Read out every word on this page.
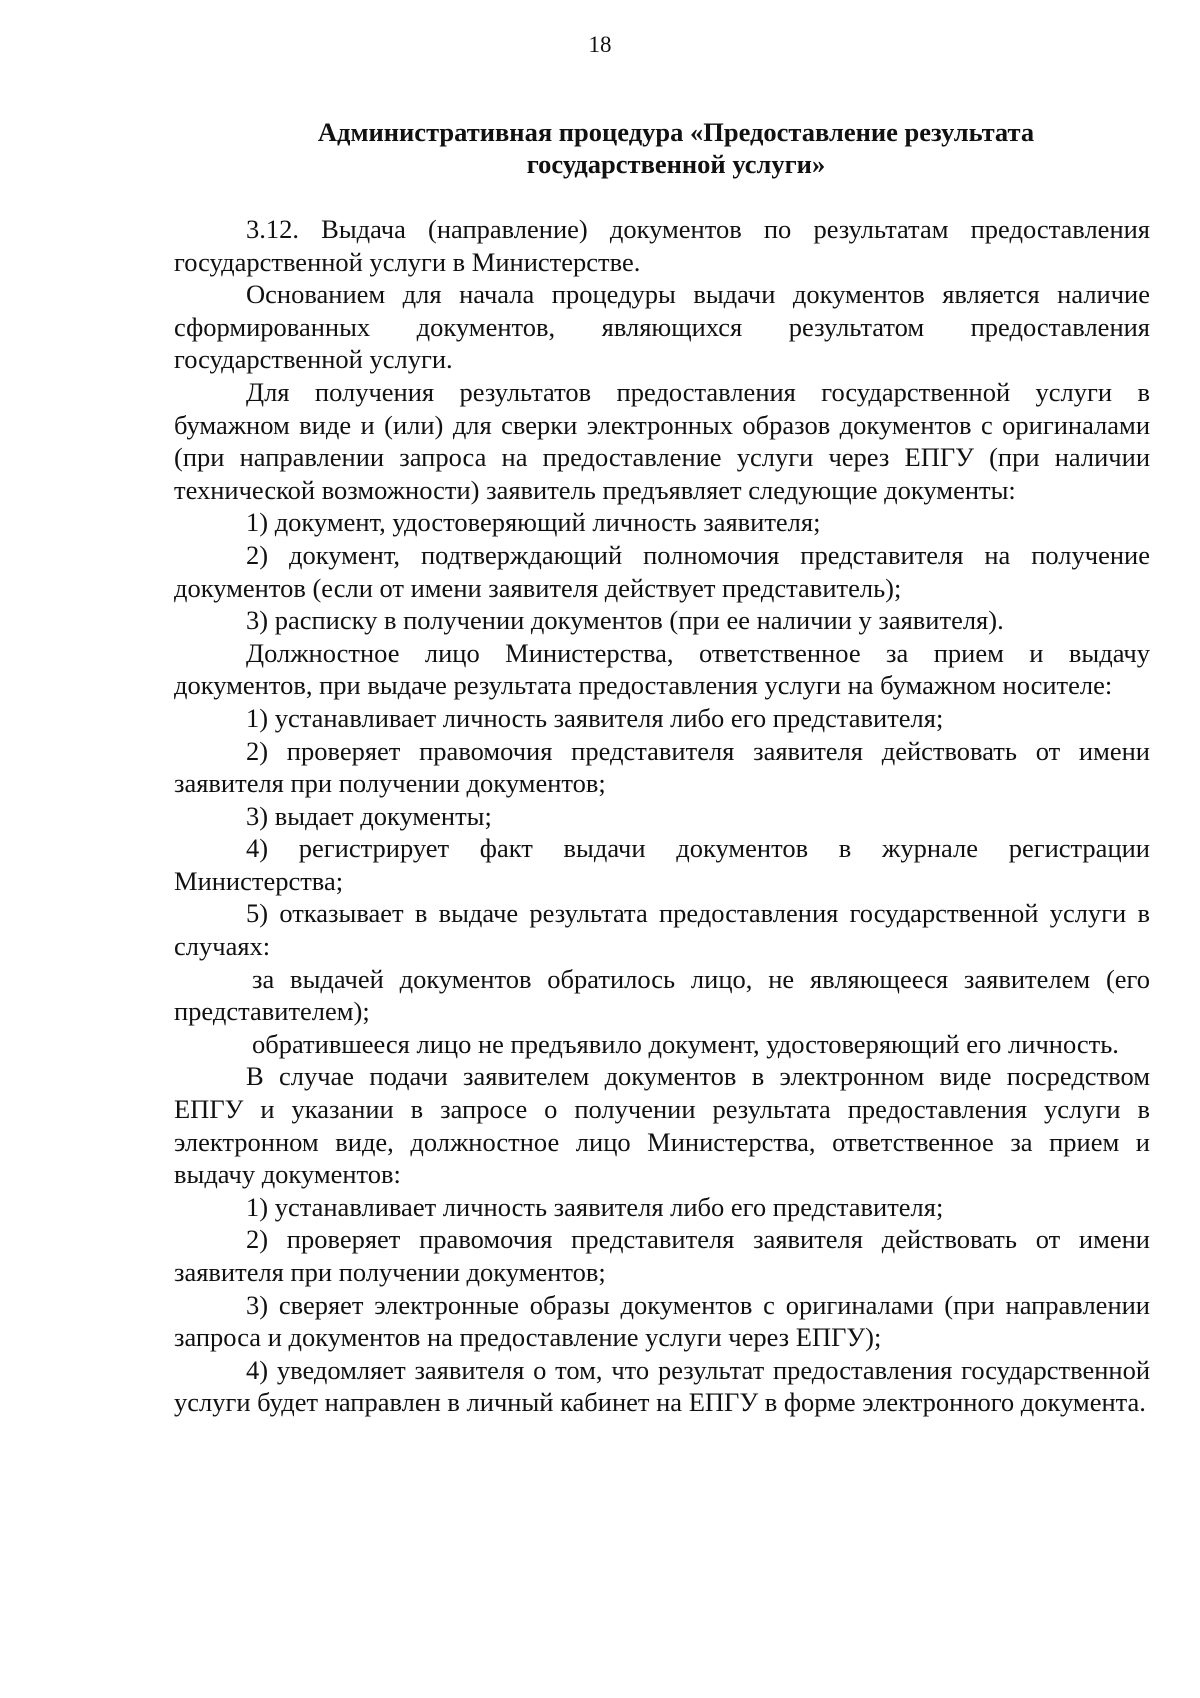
18
Административная процедура «Предоставление результата
государственной услуги»

3.12. Выдача (направление) документов по результатам предоставления государственной услуги в Министерстве.

Основанием для начала процедуры выдачи документов является наличие сформированных документов, являющихся результатом предоставления государственной услуги.

Для получения результатов предоставления государственной услуги в бумажном виде и (или) для сверки электронных образов документов с оригиналами (при направлении запроса на предоставление услуги через ЕПГУ (при наличии технической возможности) заявитель предъявляет следующие документы:

1) документ, удостоверяющий личность заявителя;

2) документ, подтверждающий полномочия представителя на получение документов (если от имени заявителя действует представитель);

3) расписку в получении документов (при ее наличии у заявителя).

Должностное лицо Министерства, ответственное за прием и выдачу документов, при выдаче результата предоставления услуги на бумажном носителе:

1) устанавливает личность заявителя либо его представителя;

2) проверяет правомочия представителя заявителя действовать от имени заявителя при получении документов;

3) выдает документы;

4) регистрирует факт выдачи документов в журнале регистрации Министерства;

5) отказывает в выдаче результата предоставления государственной услуги в случаях:

за выдачей документов обратилось лицо, не являющееся заявителем (его представителем);

обратившееся лицо не предъявило документ, удостоверяющий его личность.

В случае подачи заявителем документов в электронном виде посредством ЕПГУ и указании в запросе о получении результата предоставления услуги в электронном виде, должностное лицо Министерства, ответственное за прием и выдачу документов:

1) устанавливает личность заявителя либо его представителя;

2) проверяет правомочия представителя заявителя действовать от имени заявителя при получении документов;

3) сверяет электронные образы документов с оригиналами (при направлении запроса и документов на предоставление услуги через ЕПГУ);

4) уведомляет заявителя о том, что результат предоставления государственной услуги будет направлен в личный кабинет на ЕПГУ в форме электронного документа.
